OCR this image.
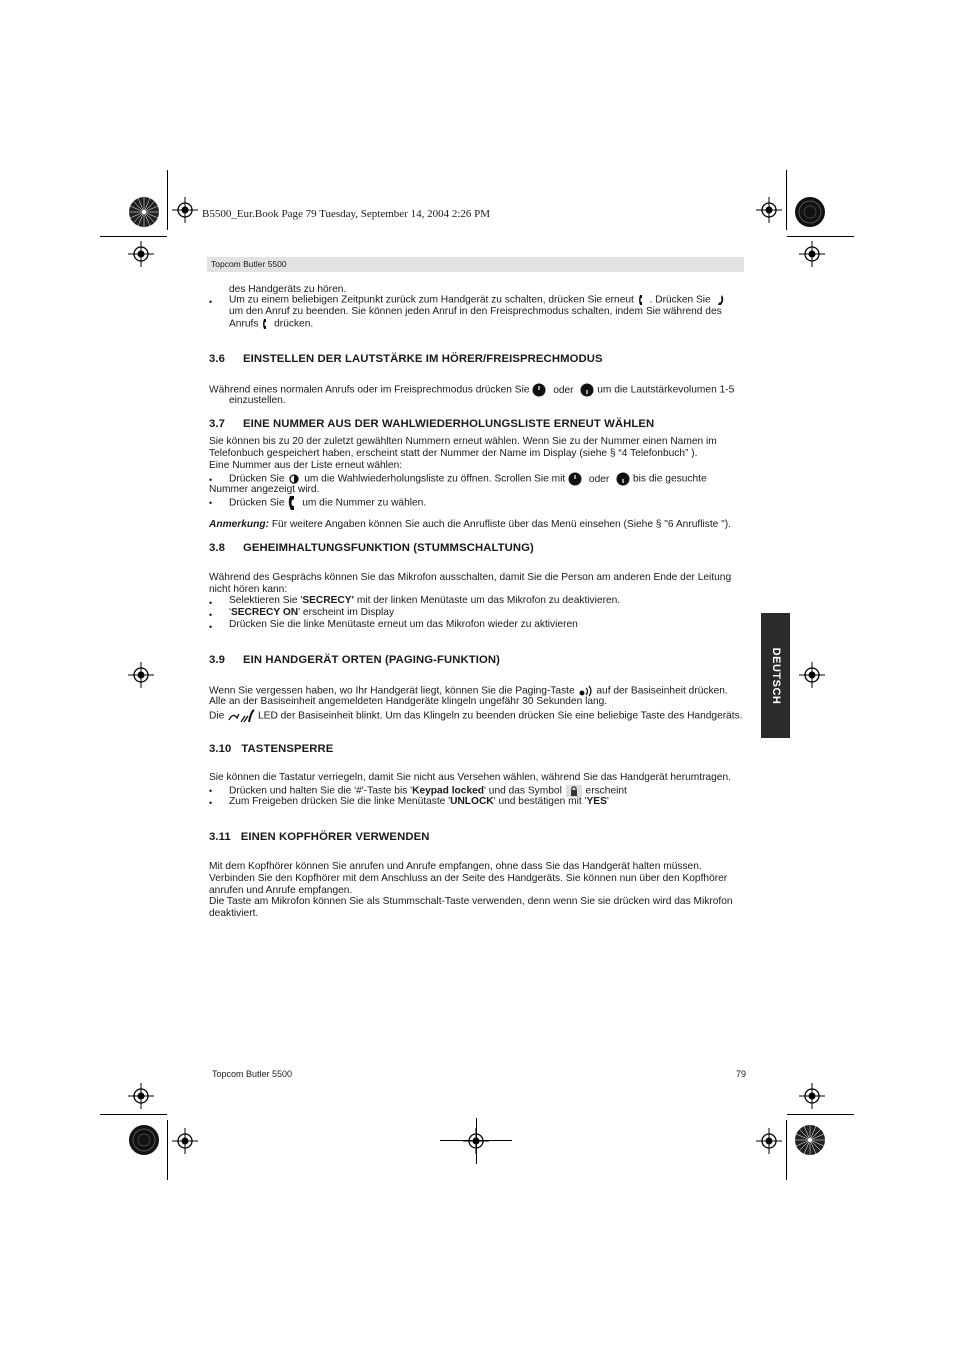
B5500_Eur.Book Page 79 Tuesday, September 14, 2004 2:26 PM
Topcom Butler 5500
DEUTSCH
des Handgeräts zu hören.
• Um zu einem beliebigen Zeitpunkt zurück zum Handgerät zu schalten, drücken Sie erneut . Drücken Sie
um den Anruf zu beenden. Sie können jeden Anruf in den Freisprechmodus schalten, indem Sie während des
Anrufs drücken.
3.6 EINSTELLEN DER LAUTSTÄRKE IM HÖRER/FREISPRECHMODUS
Während eines normalen Anrufs oder im Freisprechmodus drücken Sie oder um die Lautstärkevolumen 1-5
einzustellen.
3.7 EINE NUMMER AUS DER WAHLWIEDERHOLUNGSLISTE ERNEUT WÄHLEN
Sie können bis zu 20 der zuletzt gewählten Nummern erneut wählen. Wenn Sie zu der Nummer einen Namen im
Telefonbuch gespeichert haben, erscheint statt der Nummer der Name im Display (siehe § “4 Telefonbuch” ).
Eine Nummer aus der Liste erneut wählen:
• Drücken Sie um die Wahlwiederholungsliste zu öffnen. Scrollen Sie mit oder bis die gesuchte
Nummer angezeigt wird.
• Drücken Sie um die Nummer zu wählen.
Anmerkung: Für weitere Angaben können Sie auch die Anrufliste über das Menü einsehen (Siehe § "6 Anrufliste ").
3.8 GEHEIMHALTUNGSFUNKTION (STUMMSCHALTUNG)
Während des Gesprächs können Sie das Mikrofon ausschalten, damit Sie die Person am anderen Ende der Leitung
nicht hören kann:
• Selektieren Sie 'SECRECY' mit der linken Menütaste um das Mikrofon zu deaktivieren.
• 'SECRECY ON' erscheint im Display
• Drücken Sie die linke Menütaste erneut um das Mikrofon wieder zu aktivieren
3.9 EIN HANDGERÄT ORTEN (PAGING-FUNKTION)
Wenn Sie vergessen haben, wo Ihr Handgerät liegt, können Sie die Paging-Taste auf der Basiseinheit drücken.
Alle an der Basiseinheit angemeldeten Handgeräte klingeln ungefähr 30 Sekunden lang.
Die	LED der Basiseinheit blinkt. Um das Klingeln zu beenden drücken Sie eine beliebige Taste des Handgeräts.
3.10 TASTENSPERRE
Sie können die Tastatur verriegeln, damit Sie nicht aus Versehen wählen, während Sie das Handgerät herumtragen.
• Drücken und halten Sie die '#'-Taste bis 'Keypad locked' und das Symbol erscheint
• Zum Freigeben drücken Sie die linke Menütaste 'UNLOCK' und bestätigen mit 'YES'
3.11 EINEN KOPFHÖRER VERWENDEN
Mit dem Kopfhörer können Sie anrufen und Anrufe empfangen, ohne dass Sie das Handgerät halten müssen.
Verbinden Sie den Kopfhörer mit dem Anschluss an der Seite des Handgeräts. Sie können nun über den Kopfhörer
anrufen und Anrufe empfangen.
Die Taste am Mikrofon können Sie als Stummschalt-Taste verwenden, denn wenn Sie sie drücken wird das Mikrofon
deaktiviert.
Topcom Butler 5500	79
